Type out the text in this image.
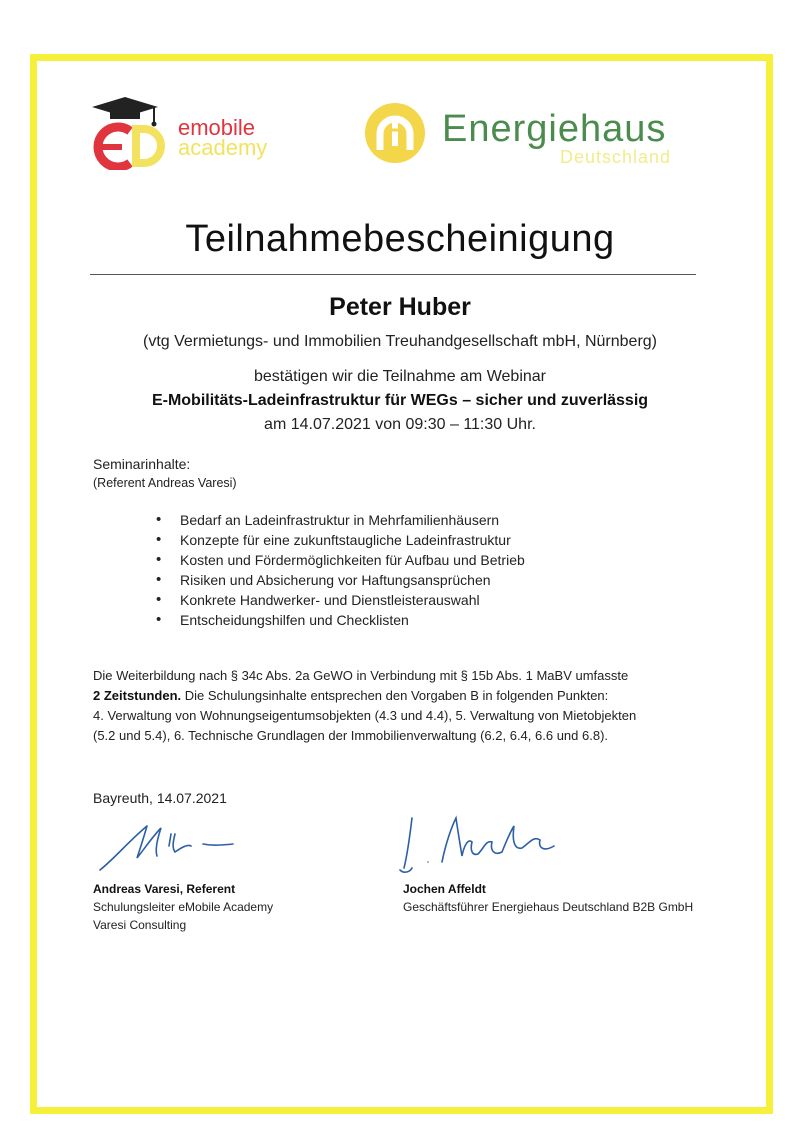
emobile
academy	Energiehaus
Deutschland
Teilnahmebescheinigung
Peter Huber
(vtg Vermietungs- und Immobilien Treuhandgesellschaft mbH, Nürnberg)
bestätigen wir die Teilnahme am Webinar
E-Mobilitäts-Ladeinfrastruktur für WEGs – sicher und zuverlässig
am 14.07.2021 von 09:30 – 11:30 Uhr.
Seminarinhalte:
(Referent Andreas Varesi)
• Bedarf an Ladeinfrastruktur in Mehrfamilienhäusern
• Konzepte für eine zukunftstaugliche Ladeinfrastruktur
• Kosten und Fördermöglichkeiten für Aufbau und Betrieb
• Risiken und Absicherung vor Haftungsansprüchen
• Konkrete Handwerker- und Dienstleisterauswahl
• Entscheidungshilfen und Checklisten
Die Weiterbildung nach § 34c Abs. 2a GeWO in Verbindung mit § 15b Abs. 1 MaBV umfasste
2 Zeitstunden. Die Schulungsinhalte entsprechen den Vorgaben B in folgenden Punkten:
4. Verwaltung von Wohnungseigentumsobjekten (4.3 und 4.4), 5. Verwaltung von Mietobjekten
(5.2 und 5.4), 6. Technische Grundlagen der Immobilienverwaltung (6.2, 6.4, 6.6 und 6.8).
Bayreuth, 14.07.2021
Andreas Varesi, Referent
Schulungsleiter eMobile Academy
Varesi Consulting
Jochen Affeldt
Geschäftsführer Energiehaus Deutschland B2B GmbH
